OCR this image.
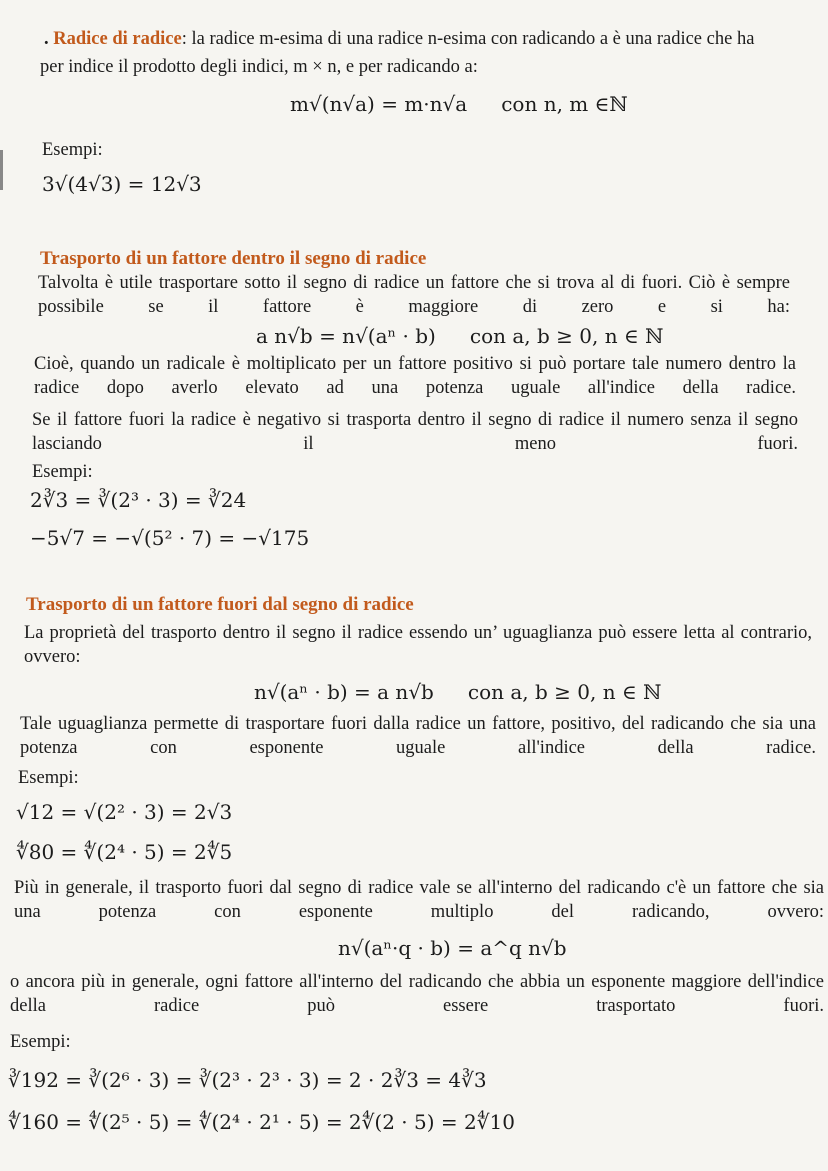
. Radice di radice: la radice m-esima di una radice n-esima con radicando a è una radice che ha
per indice il prodotto degli indici, m × n, e per radicando a:
m√(n√a) = m·n√a con n, m ∈ℕ
Esempi:
3√(4√3) = 12√3
Trasporto di un fattore dentro il segno di radice
Talvolta è utile trasportare sotto il segno di radice un fattore che si trova al di fuori. Ciò è sempre possibile se il fattore è maggiore di zero e si ha:
a n√b = n√(aⁿ · b) con a, b ≥ 0, n ∈ ℕ
Cioè, quando un radicale è moltiplicato per un fattore positivo si può portare tale numero dentro la radice dopo averlo elevato ad una potenza uguale all'indice della radice.
Se il fattore fuori la radice è negativo si trasporta dentro il segno di radice il numero senza il segno lasciando il meno fuori.
Esempi:
2∛3 = ∛(2³ · 3) = ∛24
−5√7 = −√(5² · 7) = −√175
Trasporto di un fattore fuori dal segno di radice
La proprietà del trasporto dentro il segno il radice essendo un’ uguaglianza può essere letta al contrario, ovvero:
n√(aⁿ · b) = a n√b con a, b ≥ 0, n ∈ ℕ
Tale uguaglianza permette di trasportare fuori dalla radice un fattore, positivo, del radicando che sia una potenza con esponente uguale all'indice della radice.
Esempi:
√12 = √(2² · 3) = 2√3
∜80 = ∜(2⁴ · 5) = 2∜5
Più in generale, il trasporto fuori dal segno di radice vale se all'interno del radicando c'è un fattore che sia una potenza con esponente multiplo del radicando, ovvero:
n√(aⁿ·q · b) = a^q n√b
o ancora più in generale, ogni fattore all'interno del radicando che abbia un esponente maggiore dell'indice della radice può essere trasportato fuori.
Esempi:
∛192 = ∛(2⁶ · 3) = ∛(2³ · 2³ · 3) = 2 · 2∛3 = 4∛3
∜160 = ∜(2⁵ · 5) = ∜(2⁴ · 2¹ · 5) = 2∜(2 · 5) = 2∜10
